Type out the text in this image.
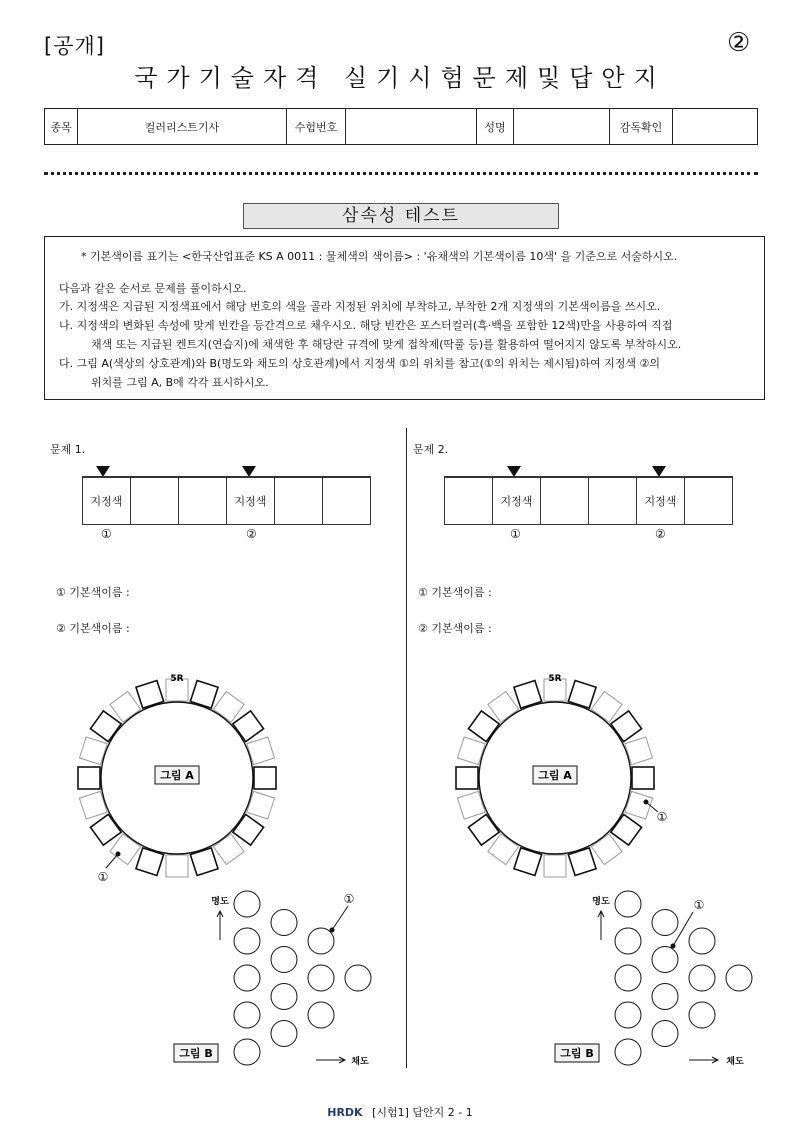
[공개]	②
국가기술자격 실기시험문제및답안지
종목	컬러리스트기사	수험번호		성명		감독확인	
삼속성 테스트
* 기본색이름 표기는 <한국산업표준 KS A 0011 : 물체색의 색이름> : '유채색의 기본색이름 10색' 을 기준으로 서술하시오.
다음과 같은 순서로 문제를 풀이하시오.
가. 지정색은 지급된 지정색표에서 해당 번호의 색을 골라 지정된 위치에 부착하고, 부착한 2개 지정색의 기본색이름을 쓰시오.
나. 지정색의 변화된 속성에 맞게 빈칸을 등간격으로 채우시오. 해당 빈칸은 포스터컬러(흑·백을 포함한 12색)만을 사용하여 직접
채색 또는 지급된 켄트지(연습지)에 채색한 후 해당란 규격에 맞게 접착제(딱풀 등)를 활용하여 떨어지지 않도록 부착하시오.
다. 그림 A(색상의 상호관계)와 B(명도와 채도의 상호관계)에서 지정색 ①의 위치를 참고(①의 위치는 제시됨)하여 지정색 ②의
위치를 그림 A, B에 각각 표시하시오.
문제 1.
지정색	지정색
①	②
① 기본색이름 :
② 기본색이름 :
문제 2.
지정색	지정색
①	②
① 기본색이름 :
② 기본색이름 :
그림 A
5R
①
그림 A
5R
①
명도
채도
그림 B
①	명도
채도
그림 B
①
HRDK [시험1] 답안지 2 - 1
